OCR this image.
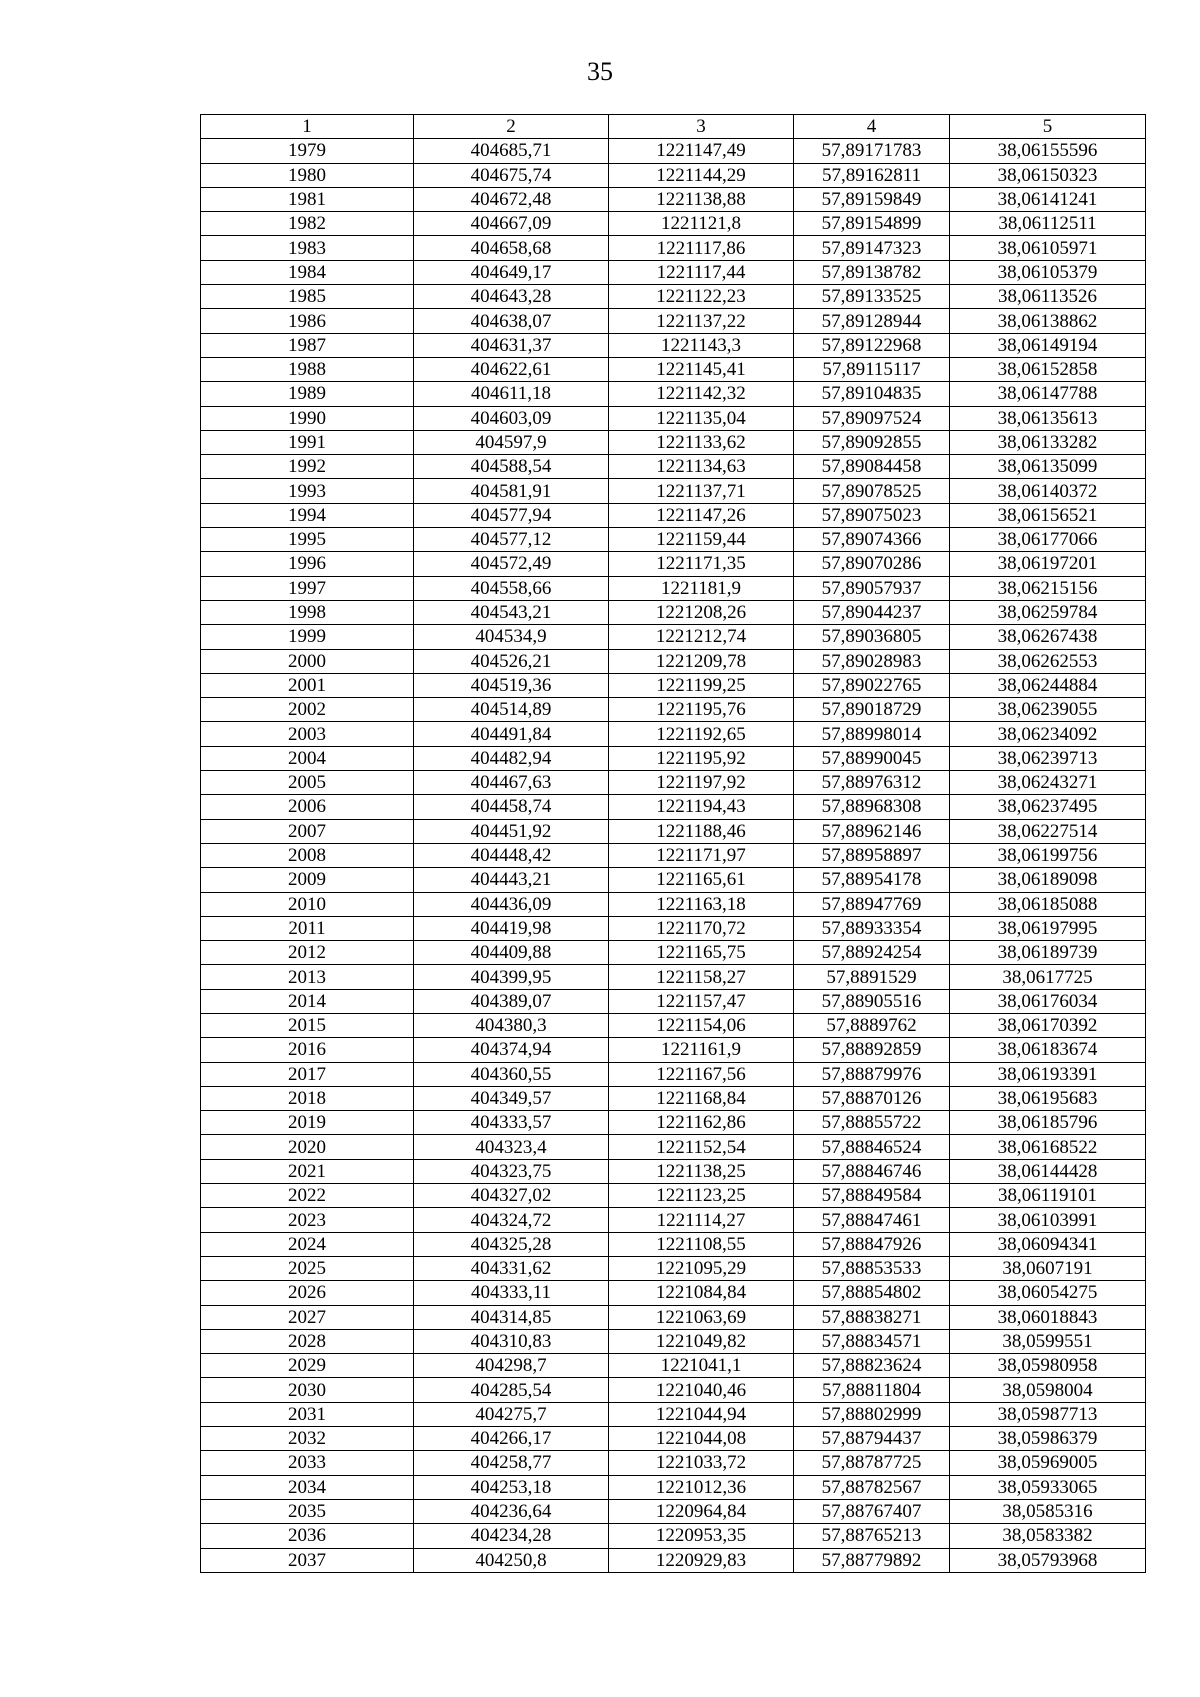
35
1	2	3	4	5
1979	404685,71	1221147,49	57,89171783	38,06155596
1980	404675,74	1221144,29	57,89162811	38,06150323
1981	404672,48	1221138,88	57,89159849	38,06141241
1982	404667,09	1221121,8	57,89154899	38,06112511
1983	404658,68	1221117,86	57,89147323	38,06105971
1984	404649,17	1221117,44	57,89138782	38,06105379
1985	404643,28	1221122,23	57,89133525	38,06113526
1986	404638,07	1221137,22	57,89128944	38,06138862
1987	404631,37	1221143,3	57,89122968	38,06149194
1988	404622,61	1221145,41	57,89115117	38,06152858
1989	404611,18	1221142,32	57,89104835	38,06147788
1990	404603,09	1221135,04	57,89097524	38,06135613
1991	404597,9	1221133,62	57,89092855	38,06133282
1992	404588,54	1221134,63	57,89084458	38,06135099
1993	404581,91	1221137,71	57,89078525	38,06140372
1994	404577,94	1221147,26	57,89075023	38,06156521
1995	404577,12	1221159,44	57,89074366	38,06177066
1996	404572,49	1221171,35	57,89070286	38,06197201
1997	404558,66	1221181,9	57,89057937	38,06215156
1998	404543,21	1221208,26	57,89044237	38,06259784
1999	404534,9	1221212,74	57,89036805	38,06267438
2000	404526,21	1221209,78	57,89028983	38,06262553
2001	404519,36	1221199,25	57,89022765	38,06244884
2002	404514,89	1221195,76	57,89018729	38,06239055
2003	404491,84	1221192,65	57,88998014	38,06234092
2004	404482,94	1221195,92	57,88990045	38,06239713
2005	404467,63	1221197,92	57,88976312	38,06243271
2006	404458,74	1221194,43	57,88968308	38,06237495
2007	404451,92	1221188,46	57,88962146	38,06227514
2008	404448,42	1221171,97	57,88958897	38,06199756
2009	404443,21	1221165,61	57,88954178	38,06189098
2010	404436,09	1221163,18	57,88947769	38,06185088
2011	404419,98	1221170,72	57,88933354	38,06197995
2012	404409,88	1221165,75	57,88924254	38,06189739
2013	404399,95	1221158,27	57,8891529	38,0617725
2014	404389,07	1221157,47	57,88905516	38,06176034
2015	404380,3	1221154,06	57,8889762	38,06170392
2016	404374,94	1221161,9	57,88892859	38,06183674
2017	404360,55	1221167,56	57,88879976	38,06193391
2018	404349,57	1221168,84	57,88870126	38,06195683
2019	404333,57	1221162,86	57,88855722	38,06185796
2020	404323,4	1221152,54	57,88846524	38,06168522
2021	404323,75	1221138,25	57,88846746	38,06144428
2022	404327,02	1221123,25	57,88849584	38,06119101
2023	404324,72	1221114,27	57,88847461	38,06103991
2024	404325,28	1221108,55	57,88847926	38,06094341
2025	404331,62	1221095,29	57,88853533	38,0607191
2026	404333,11	1221084,84	57,88854802	38,06054275
2027	404314,85	1221063,69	57,88838271	38,06018843
2028	404310,83	1221049,82	57,88834571	38,0599551
2029	404298,7	1221041,1	57,88823624	38,05980958
2030	404285,54	1221040,46	57,88811804	38,0598004
2031	404275,7	1221044,94	57,88802999	38,05987713
2032	404266,17	1221044,08	57,88794437	38,05986379
2033	404258,77	1221033,72	57,88787725	38,05969005
2034	404253,18	1221012,36	57,88782567	38,05933065
2035	404236,64	1220964,84	57,88767407	38,0585316
2036	404234,28	1220953,35	57,88765213	38,0583382
2037	404250,8	1220929,83	57,88779892	38,05793968
